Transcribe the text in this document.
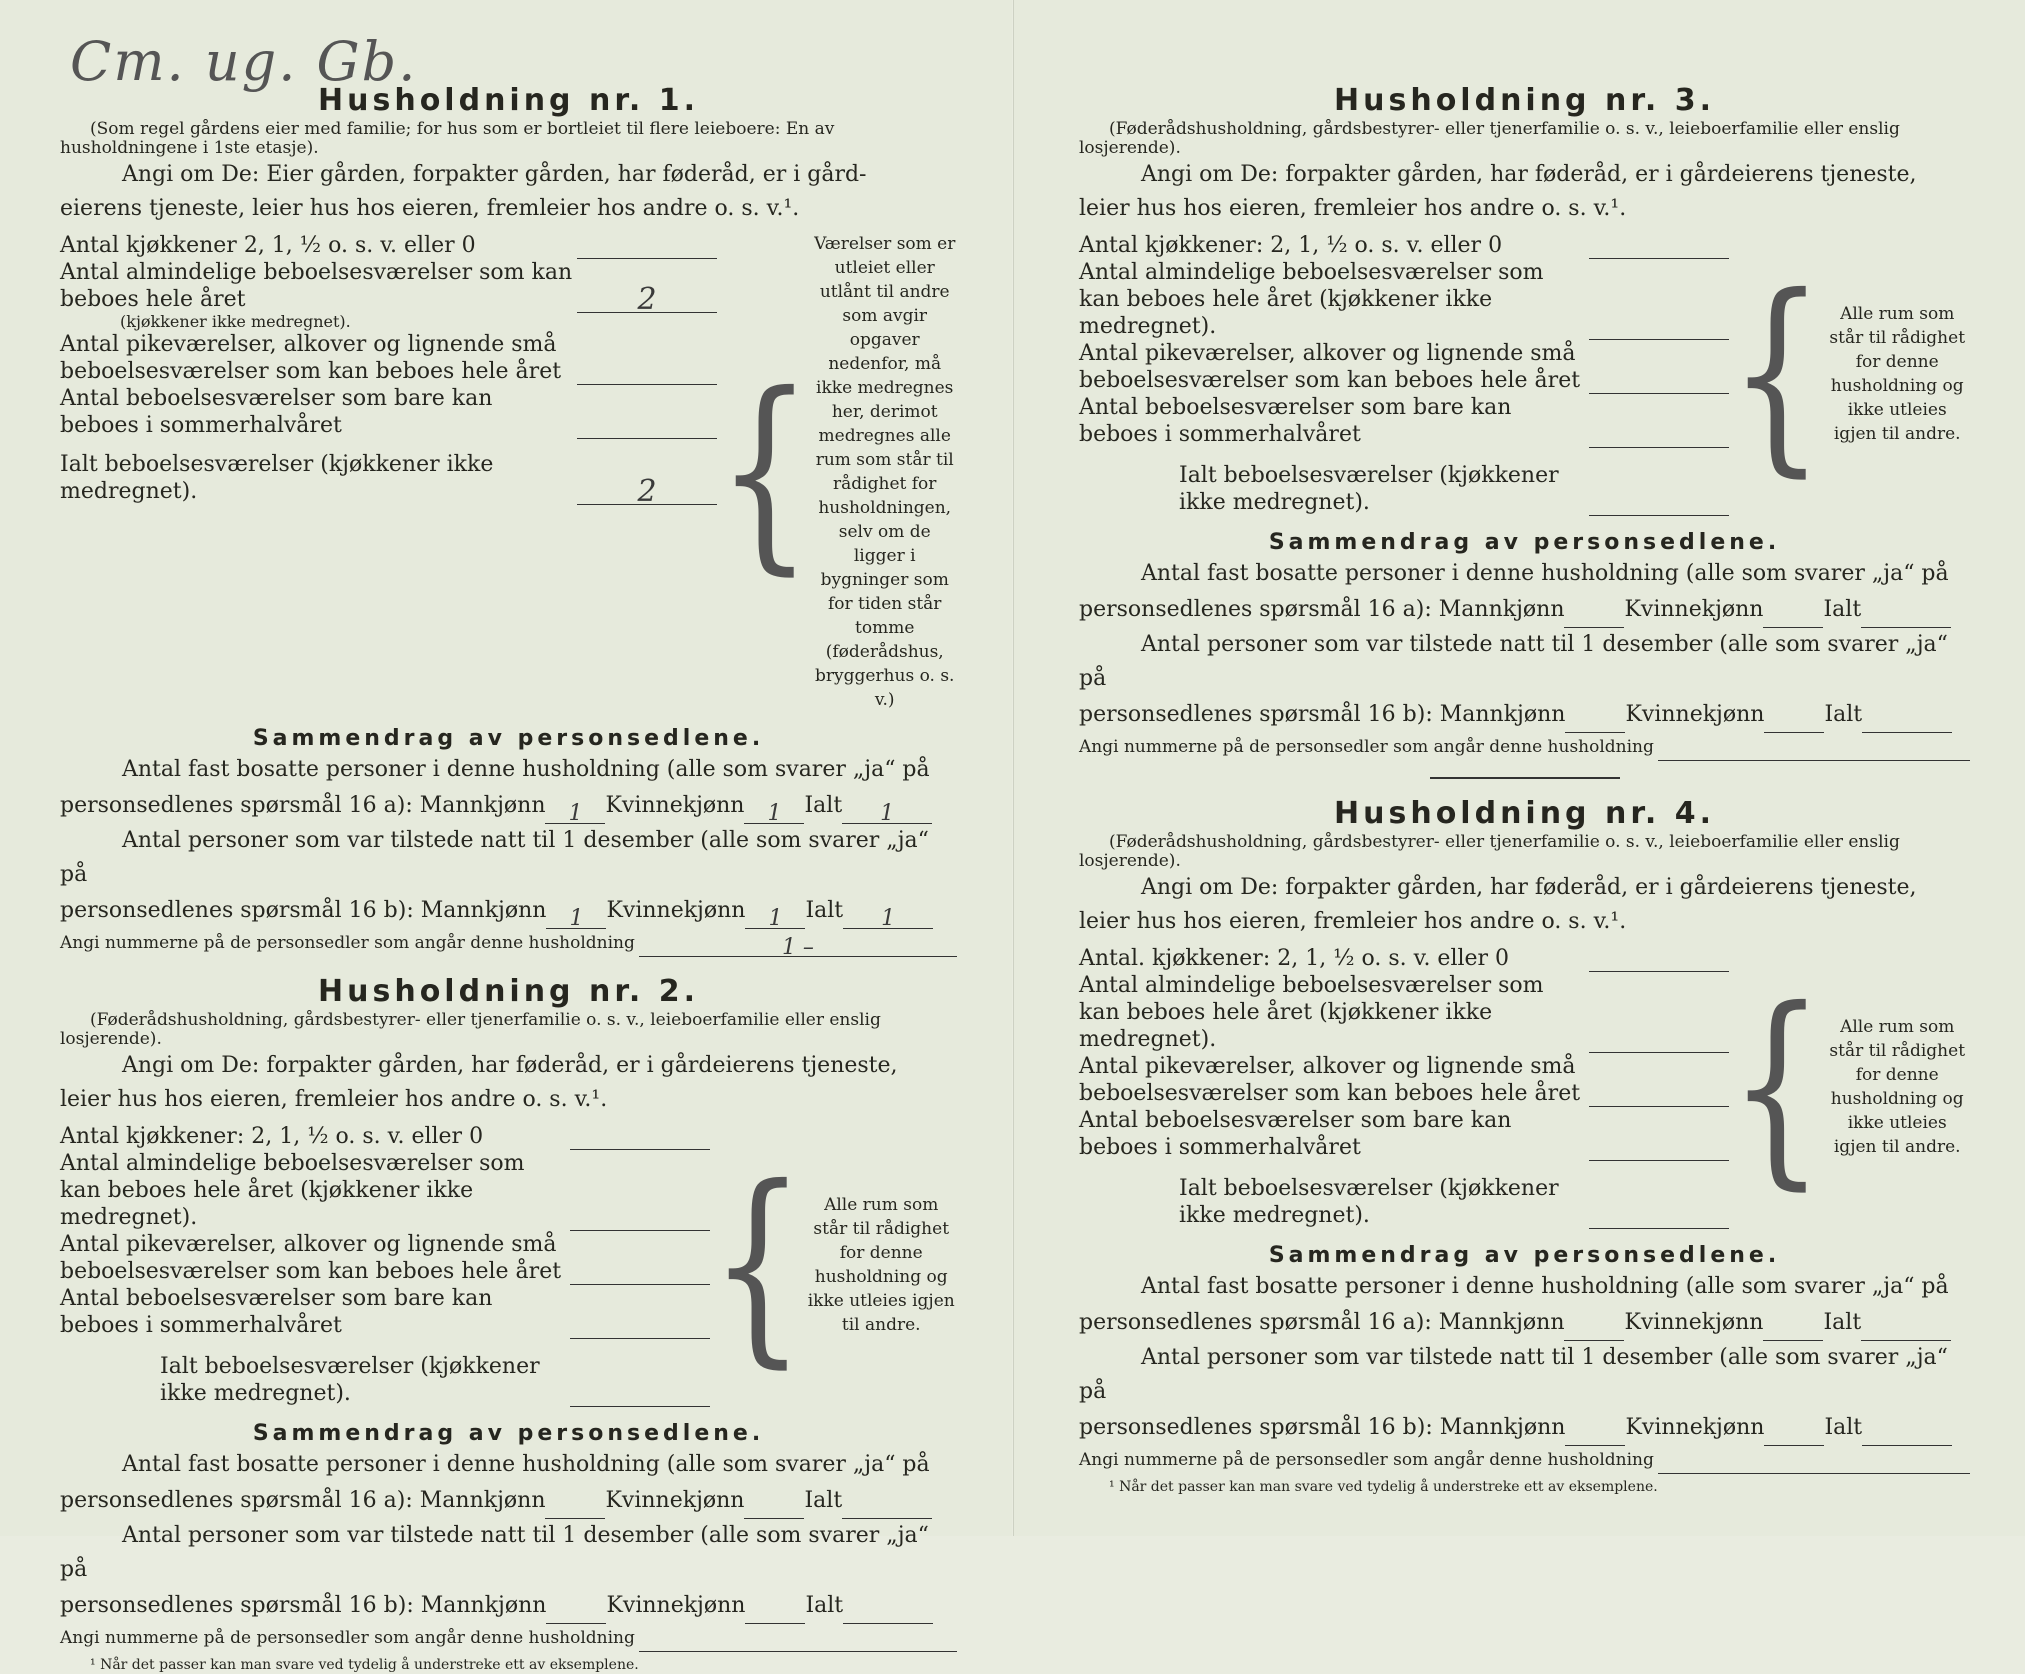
Cm. ug. Gb.
Husholdning nr. 1.

(Som regel gårdens eier med familie; for hus som er bortleiet til flere leieboere: En av husholdningene i 1ste etasje).

Angi om De: Eier gården, forpakter gården, har føderåd, er i gård-

eierens tjeneste, leier hus hos eieren, fremleier hos andre o. s. v.¹.

Antal kjøkkener 2, 1, ½ o. s. v. eller 0
Antal almindelige beboelsesværelser som kan beboes hele året	2
(kjøkkener ikke medregnet).
Antal pikeværelser, alkover og lignende små beboelsesværelser som kan beboes hele året
Antal beboelsesværelser som bare kan beboes i sommerhalvåret
Ialt beboelsesværelser (kjøkkener ikke medregnet).	2 {
Værelser som er utleiet eller utlånt til andre som avgir opgaver nedenfor, må ikke medregnes her, derimot medregnes alle rum som står til rådighet for husholdningen, selv om de ligger i bygninger som for tiden står tomme (føderådshus, bryggerhus o. s. v.)
Sammendrag av personsedlene.

Antal fast bosatte personer i denne husholdning (alle som svarer „ja“ på

personsedlenes spørsmål 16 a): Mannkjønn	1	Kvinnekjønn	1	Ialt	1

Antal personer som var tilstede natt til 1 desember (alle som svarer „ja“ på

personsedlenes spørsmål 16 b): Mannkjønn	1	Kvinnekjønn	1	Ialt	1
Angi nummerne på de personsedler som angår denne husholdning	1 –
Husholdning nr. 2.

(Føderådshusholdning, gårdsbestyrer- eller tjenerfamilie o. s. v., leieboerfamilie eller enslig losjerende).

Angi om De: forpakter gården, har føderåd, er i gårdeierens tjeneste,

leier hus hos eieren, fremleier hos andre o. s. v.¹.

Antal kjøkkener: 2, 1, ½ o. s. v. eller 0
Antal almindelige beboelsesværelser som kan beboes hele året (kjøkkener ikke medregnet).
Antal pikeværelser, alkover og lignende små beboelsesværelser som kan beboes hele året
Antal beboelsesværelser som bare kan beboes i sommerhalvåret
Ialt beboelsesværelser (kjøkkener ikke medregnet).
{	Alle rum som står til rådighet for denne husholdning og ikke utleies igjen til andre.
Sammendrag av personsedlene.

Antal fast bosatte personer i denne husholdning (alle som svarer „ja“ på

personsedlenes spørsmål 16 a): Mannkjønn	Kvinnekjønn	Ialt

Antal personer som var tilstede natt til 1 desember (alle som svarer „ja“ på

personsedlenes spørsmål 16 b): Mannkjønn	Kvinnekjønn	Ialt
Angi nummerne på de personsedler som angår denne husholdning
¹ Når det passer kan man svare ved tydelig å understreke ett av eksemplene.
Husholdning nr. 3.

(Føderådshusholdning, gårdsbestyrer- eller tjenerfamilie o. s. v., leieboerfamilie eller enslig losjerende).

Angi om De: forpakter gården, har føderåd, er i gårdeierens tjeneste,

leier hus hos eieren, fremleier hos andre o. s. v.¹.

Antal kjøkkener: 2, 1, ½ o. s. v. eller 0
Antal almindelige beboelsesværelser som kan beboes hele året (kjøkkener ikke medregnet).
Antal pikeværelser, alkover og lignende små beboelsesværelser som kan beboes hele året
Antal beboelsesværelser som bare kan beboes i sommerhalvåret
Ialt beboelsesværelser (kjøkkener ikke medregnet).
{ Alle rum som står til rådighet for denne husholdning og ikke utleies igjen til andre.
Sammendrag av personsedlene.

Antal fast bosatte personer i denne husholdning (alle som svarer „ja“ på

personsedlenes spørsmål 16 a): Mannkjønn	Kvinnekjønn	Ialt

Antal personer som var tilstede natt til 1 desember (alle som svarer „ja“ på

personsedlenes spørsmål 16 b): Mannkjønn	Kvinnekjønn	Ialt
Angi nummerne på de personsedler som angår denne husholdning
Husholdning nr. 4.

(Føderådshusholdning, gårdsbestyrer- eller tjenerfamilie o. s. v., leieboerfamilie eller enslig losjerende).

Angi om De: forpakter gården, har føderåd, er i gårdeierens tjeneste,

leier hus hos eieren, fremleier hos andre o. s. v.¹.

Antal. kjøkkener: 2, 1, ½ o. s. v. eller 0
Antal almindelige beboelsesværelser som kan beboes hele året (kjøkkener ikke medregnet).
Antal pikeværelser, alkover og lignende små beboelsesværelser som kan beboes hele året
Antal beboelsesværelser som bare kan beboes i sommerhalvåret
Ialt beboelsesværelser (kjøkkener ikke medregnet).
{ Alle rum som står til rådighet for denne husholdning og ikke utleies igjen til andre.
Sammendrag av personsedlene.

Antal fast bosatte personer i denne husholdning (alle som svarer „ja“ på

personsedlenes spørsmål 16 a): Mannkjønn	Kvinnekjønn	Ialt

Antal personer som var tilstede natt til 1 desember (alle som svarer „ja“ på

personsedlenes spørsmål 16 b): Mannkjønn	Kvinnekjønn	Ialt
Angi nummerne på de personsedler som angår denne husholdning
¹ Når det passer kan man svare ved tydelig å understreke ett av eksemplene.
